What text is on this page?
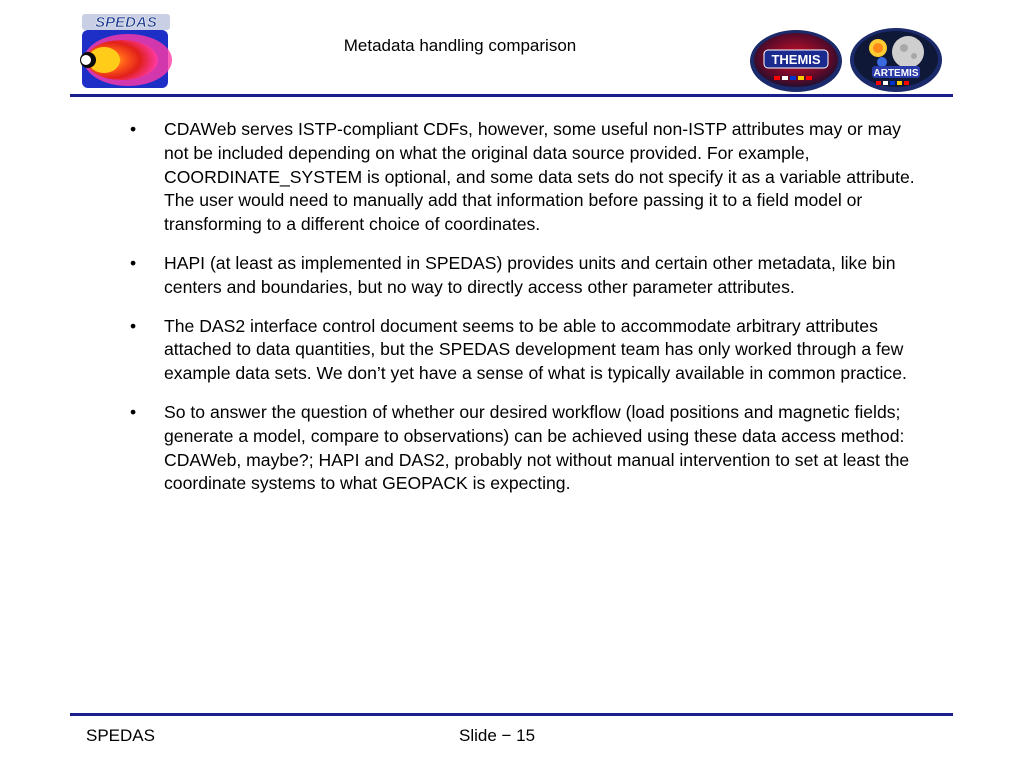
SPEDAS
Metadata handling comparison
THEMIS
ARTEMIS
• CDAWeb serves ISTP-compliant CDFs, however, some useful non-ISTP attributes may or may not be included depending on what the original data source provided. For example, COORDINATE_SYSTEM is optional, and some data sets do not specify it as a variable attribute. The user would need to manually add that information before passing it to a field model or transforming to a different choice of coordinates.
• HAPI (at least as implemented in SPEDAS) provides units and certain other metadata, like bin centers and boundaries, but no way to directly access other parameter attributes.
• The DAS2 interface control document seems to be able to accommodate arbitrary attributes attached to data quantities, but the SPEDAS development team has only worked through a few example data sets. We don’t yet have a sense of what is typically available in common practice.
• So to answer the question of whether our desired workflow (load positions and magnetic fields; generate a model, compare to observations) can be achieved using these data access method: CDAWeb, maybe?; HAPI and DAS2, probably not without manual intervention to set at least the coordinate systems to what GEOPACK is expecting.
SPEDAS	Slide − 15
